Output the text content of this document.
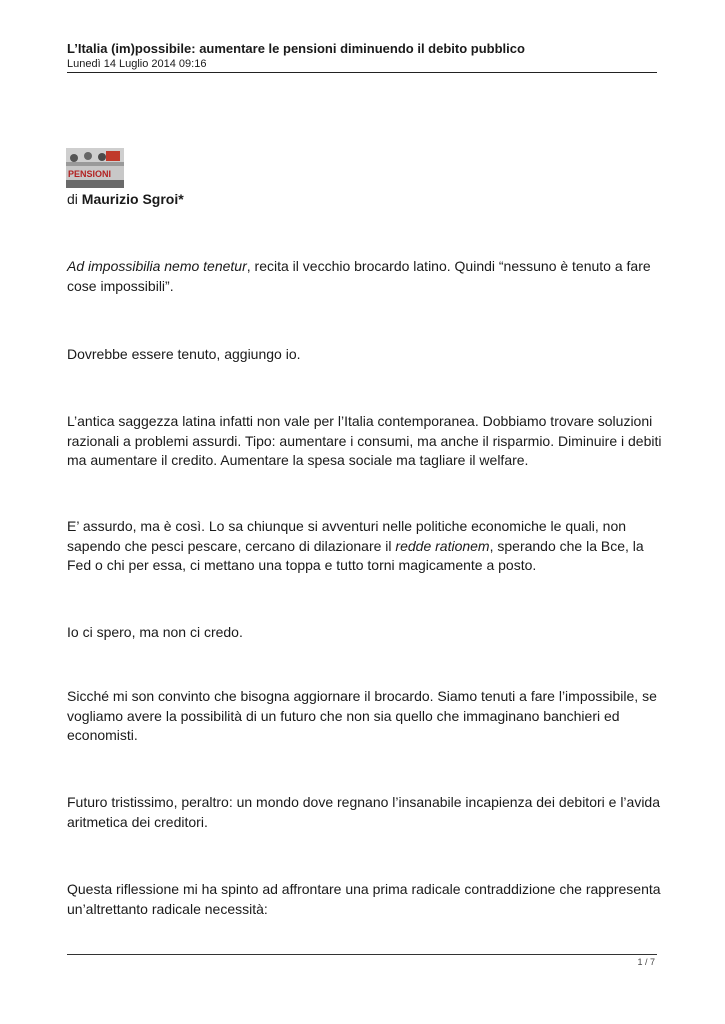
L’Italia (im)possibile: aumentare le pensioni diminuendo il debito pubblico
Lunedì 14 Luglio 2014 09:16
PENSIONI
di Maurizio Sgroi*

Ad impossibilia nemo tenetur, recita il vecchio brocardo latino. Quindi “nessuno è tenuto a fare cose impossibili”.

Dovrebbe essere tenuto, aggiungo io.

L’antica saggezza latina infatti non vale per l’Italia contemporanea. Dobbiamo trovare soluzioni razionali a problemi assurdi. Tipo: aumentare i consumi, ma anche il risparmio. Diminuire i debiti ma aumentare il credito. Aumentare la spesa sociale ma tagliare il welfare.

E’ assurdo, ma è così. Lo sa chiunque si avventuri nelle politiche economiche le quali, non sapendo che pesci pescare, cercano di dilazionare il redde rationem, sperando che la Bce, la Fed o chi per essa, ci mettano una toppa e tutto torni magicamente a posto.

Io ci spero, ma non ci credo.

Sicché mi son convinto che bisogna aggiornare il brocardo. Siamo tenuti a fare l’impossibile, se vogliamo avere la possibilità di un futuro che non sia quello che immaginano banchieri ed economisti.

Futuro tristissimo, peraltro: un mondo dove regnano l’insanabile incapienza dei debitori e l’avida aritmetica dei creditori.

Questa riflessione mi ha spinto ad affrontare una prima radicale contraddizione che rappresenta un’altrettanto radicale necessità:

1 / 7
